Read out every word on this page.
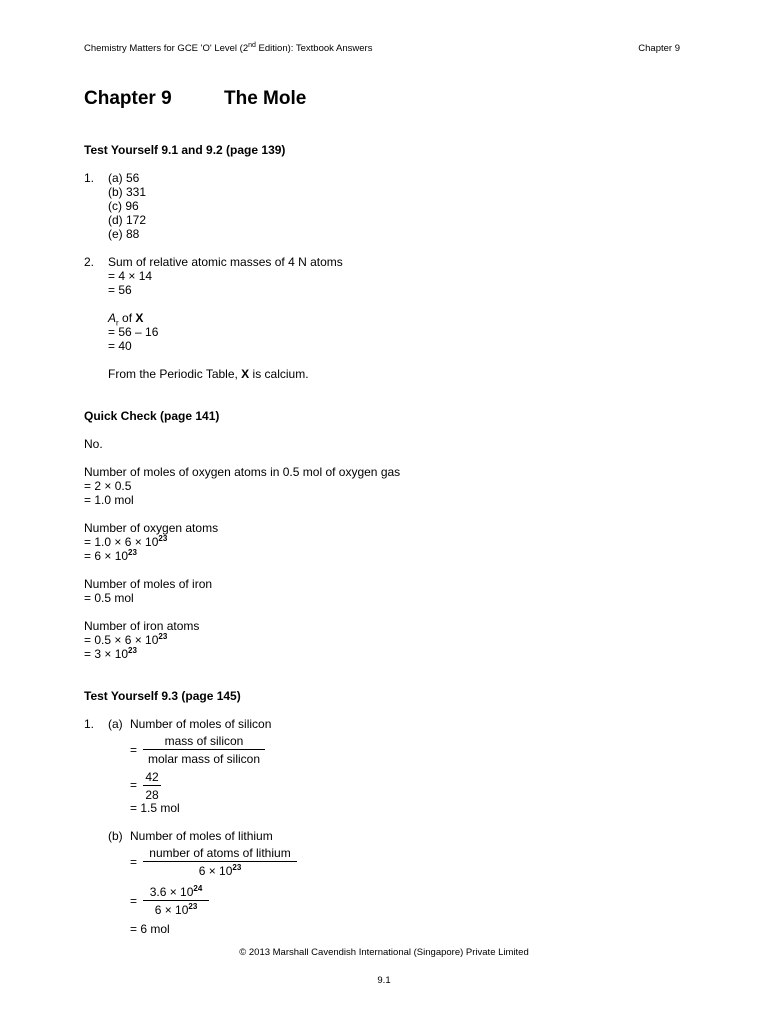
Chemistry Matters for GCE 'O' Level (2nd Edition): Textbook Answers	Chapter 9
Chapter 9	The Mole
Test Yourself 9.1 and 9.2 (page 139)
1. (a) 56
(b) 331
(c) 96
(d) 172
(e) 88
2. Sum of relative atomic masses of 4 N atoms
= 4 × 14
= 56
$A_r$ of X
= 56 – 16
= 40
From the Periodic Table, X is calcium.
Quick Check (page 141)
No.
Number of moles of oxygen atoms in 0.5 mol of oxygen gas
= 2 × 0.5
= 1.0 mol
Number of oxygen atoms
= $1.0 \times 6 \times 10^{23}$
= $6 \times 10^{23}$
Number of moles of iron
= 0.5 mol
Number of iron atoms
= $0.5 \times 6 \times 10^{23}$
= $3 \times 10^{23}$
Test Yourself 9.3 (page 145)
1. (a) Number of moles of silicon
=
mass of silicon
molar mass of silicon
= $\frac{42}{28}$
= 1.5 mol
(b) Number of moles of lithium
=
number of atoms of lithium
$6 \times 10^{23}$
= $\frac{3.6 \times 10^{24}}{6 \times 10^{23}}$
= 6 mol
© 2013 Marshall Cavendish International (Singapore) Private Limited
9.1
